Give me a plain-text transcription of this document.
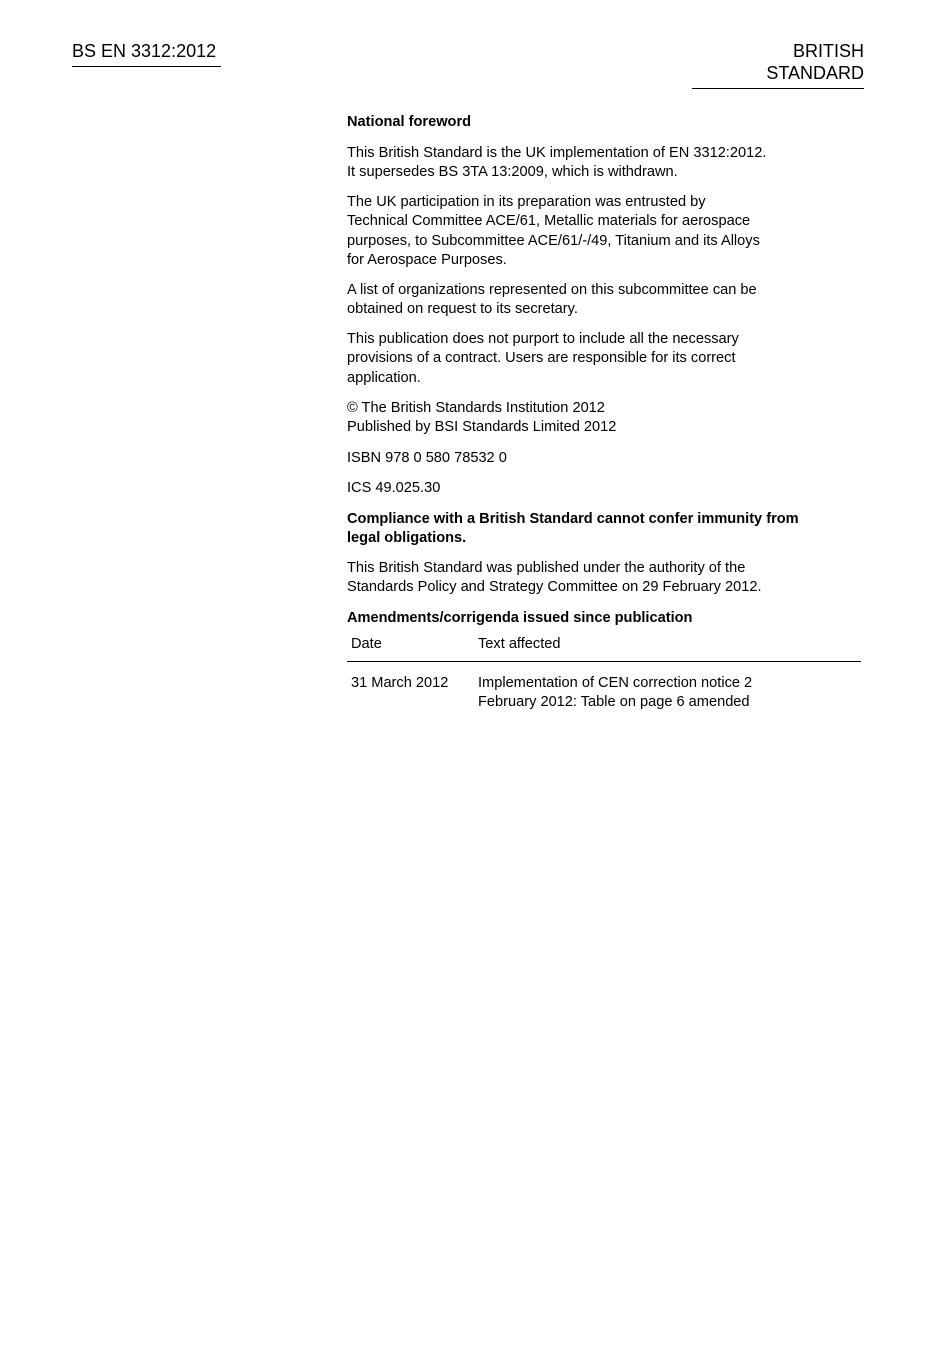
BS EN 3312:2012	BRITISH STANDARD
National foreword
This British Standard is the UK implementation of EN 3312:2012.
It supersedes BS 3TA 13:2009, which is withdrawn.
The UK participation in its preparation was entrusted by
Technical Committee ACE/61, Metallic materials for aerospace
purposes, to Subcommittee ACE/61/-/49, Titanium and its Alloys
for Aerospace Purposes.
A list of organizations represented on this subcommittee can be
obtained on request to its secretary.
This publication does not purport to include all the necessary
provisions of a contract. Users are responsible for its correct
application.
© The British Standards Institution 2012
Published by BSI Standards Limited 2012
ISBN 978 0 580 78532 0
ICS 49.025.30
Compliance with a British Standard cannot confer immunity from
legal obligations.
This British Standard was published under the authority of the
Standards Policy and Strategy Committee on 29 February 2012.
Amendments/corrigenda issued since publication
Date	Text affected
31 March 2012 Implementation of CEN correction notice 2
February 2012: Table on page 6 amended
